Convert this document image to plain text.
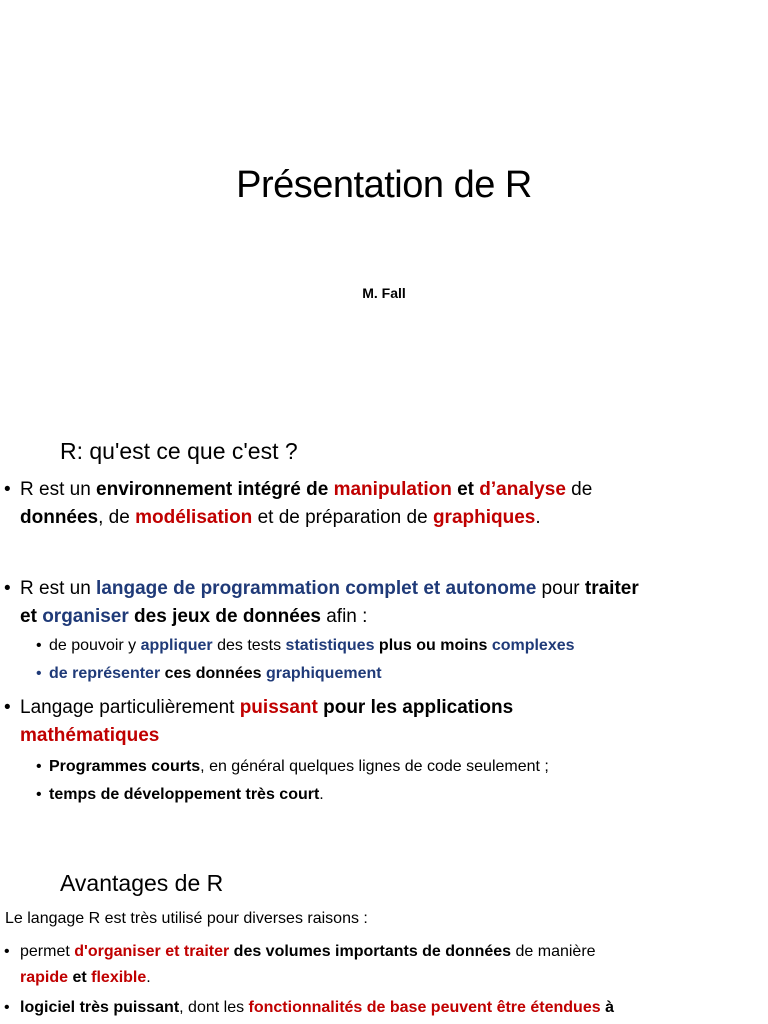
Présentation de R
M. Fall
R: qu'est ce que c'est ?
• R est un environnement intégré de manipulation et d’analyse de
données, de modélisation et de préparation de graphiques.
• R est un langage de programmation complet et autonome pour traiter
et organiser des jeux de données afin :
• de pouvoir y appliquer des tests statistiques plus ou moins complexes
• de représenter ces données graphiquement
• Langage particulièrement puissant pour les applications
mathématiques
• Programmes courts, en général quelques lignes de code seulement ;
• temps de développement très court.
Avantages de R
Le langage R est très utilisé pour diverses raisons :
• permet d'organiser et traiter des volumes importants de données de manière
rapide et flexible.
• logiciel très puissant, dont les fonctionnalités de base peuvent être étendues à
